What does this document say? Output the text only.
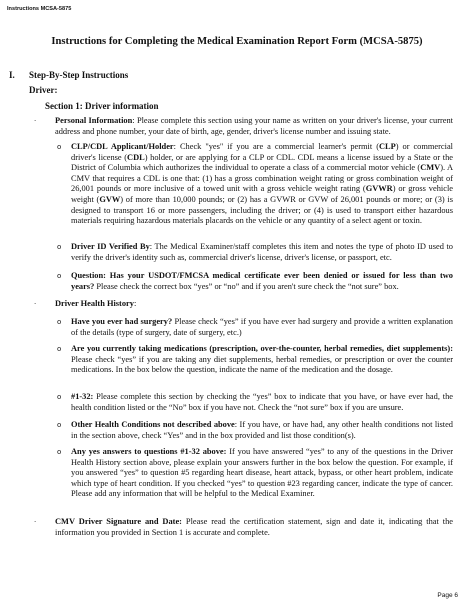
Instructions MCSA-5875
Instructions for Completing the Medical Examination Report Form (MCSA-5875)
I. Step-By-Step Instructions
Driver:
Section 1: Driver information
· Personal Information: Please complete this section using your name as written on your driver's license, your current address and phone number, your date of birth, age, gender, driver's license number and issuing state.

o CLP/CDL Applicant/Holder: Check "yes" if you are a commercial learner's permit (CLP) or commercial driver's license (CDL) holder, or are applying for a CLP or CDL. CDL means a license issued by a State or the District of Columbia which authorizes the individual to operate a class of a commercial motor vehicle (CMV). A CMV that requires a CDL is one that: (1) has a gross combination weight rating or gross combination weight of 26,001 pounds or more inclusive of a towed unit with a gross vehicle weight rating (GVWR) or gross vehicle weight (GVW) of more than 10,000 pounds; or (2) has a GVWR or GVW of 26,001 pounds or more; or (3) is designed to transport 16 or more passengers, including the driver; or (4) is used to transport either hazardous materials requiring hazardous materials placards on the vehicle or any quantity of a select agent or toxin.

o Driver ID Verified By: The Medical Examiner/staff completes this item and notes the type of photo ID used to verify the driver's identity such as, commercial driver's license, driver's license, or passport, etc.

o Question: Has your USDOT/FMCSA medical certificate ever been denied or issued for less than two years? Please check the correct box “yes” or “no” and if you aren't sure check the “not sure” box.

· Driver Health History:

o Have you ever had surgery? Please check “yes” if you have ever had surgery and provide a written explanation of the details (type of surgery, date of surgery, etc.)

o Are you currently taking medications (prescription, over-the-counter, herbal remedies, diet supplements): Please check “yes” if you are taking any diet supplements, herbal remedies, or prescription or over the counter medications. In the box below the question, indicate the name of the medication and the dosage.

o #1-32: Please complete this section by checking the “yes” box to indicate that you have, or have ever had, the health condition listed or the “No” box if you have not. Check the “not sure” box if you are unsure.

o Other Health Conditions not described above: If you have, or have had, any other health conditions not listed in the section above, check “Yes” and in the box provided and list those condition(s).

o Any yes answers to questions #1-32 above: If you have answered “yes” to any of the questions in the Driver Health History section above, please explain your answers further in the box below the question. For example, if you answered “yes” to question #5 regarding heart disease, heart attack, bypass, or other heart problem, indicate which type of heart condition. If you checked “yes” to question #23 regarding cancer, indicate the type of cancer. Please add any information that will be helpful to the Medical Examiner.

· CMV Driver Signature and Date: Please read the certification statement, sign and date it, indicating that the information you provided in Section 1 is accurate and complete.

Page 6
